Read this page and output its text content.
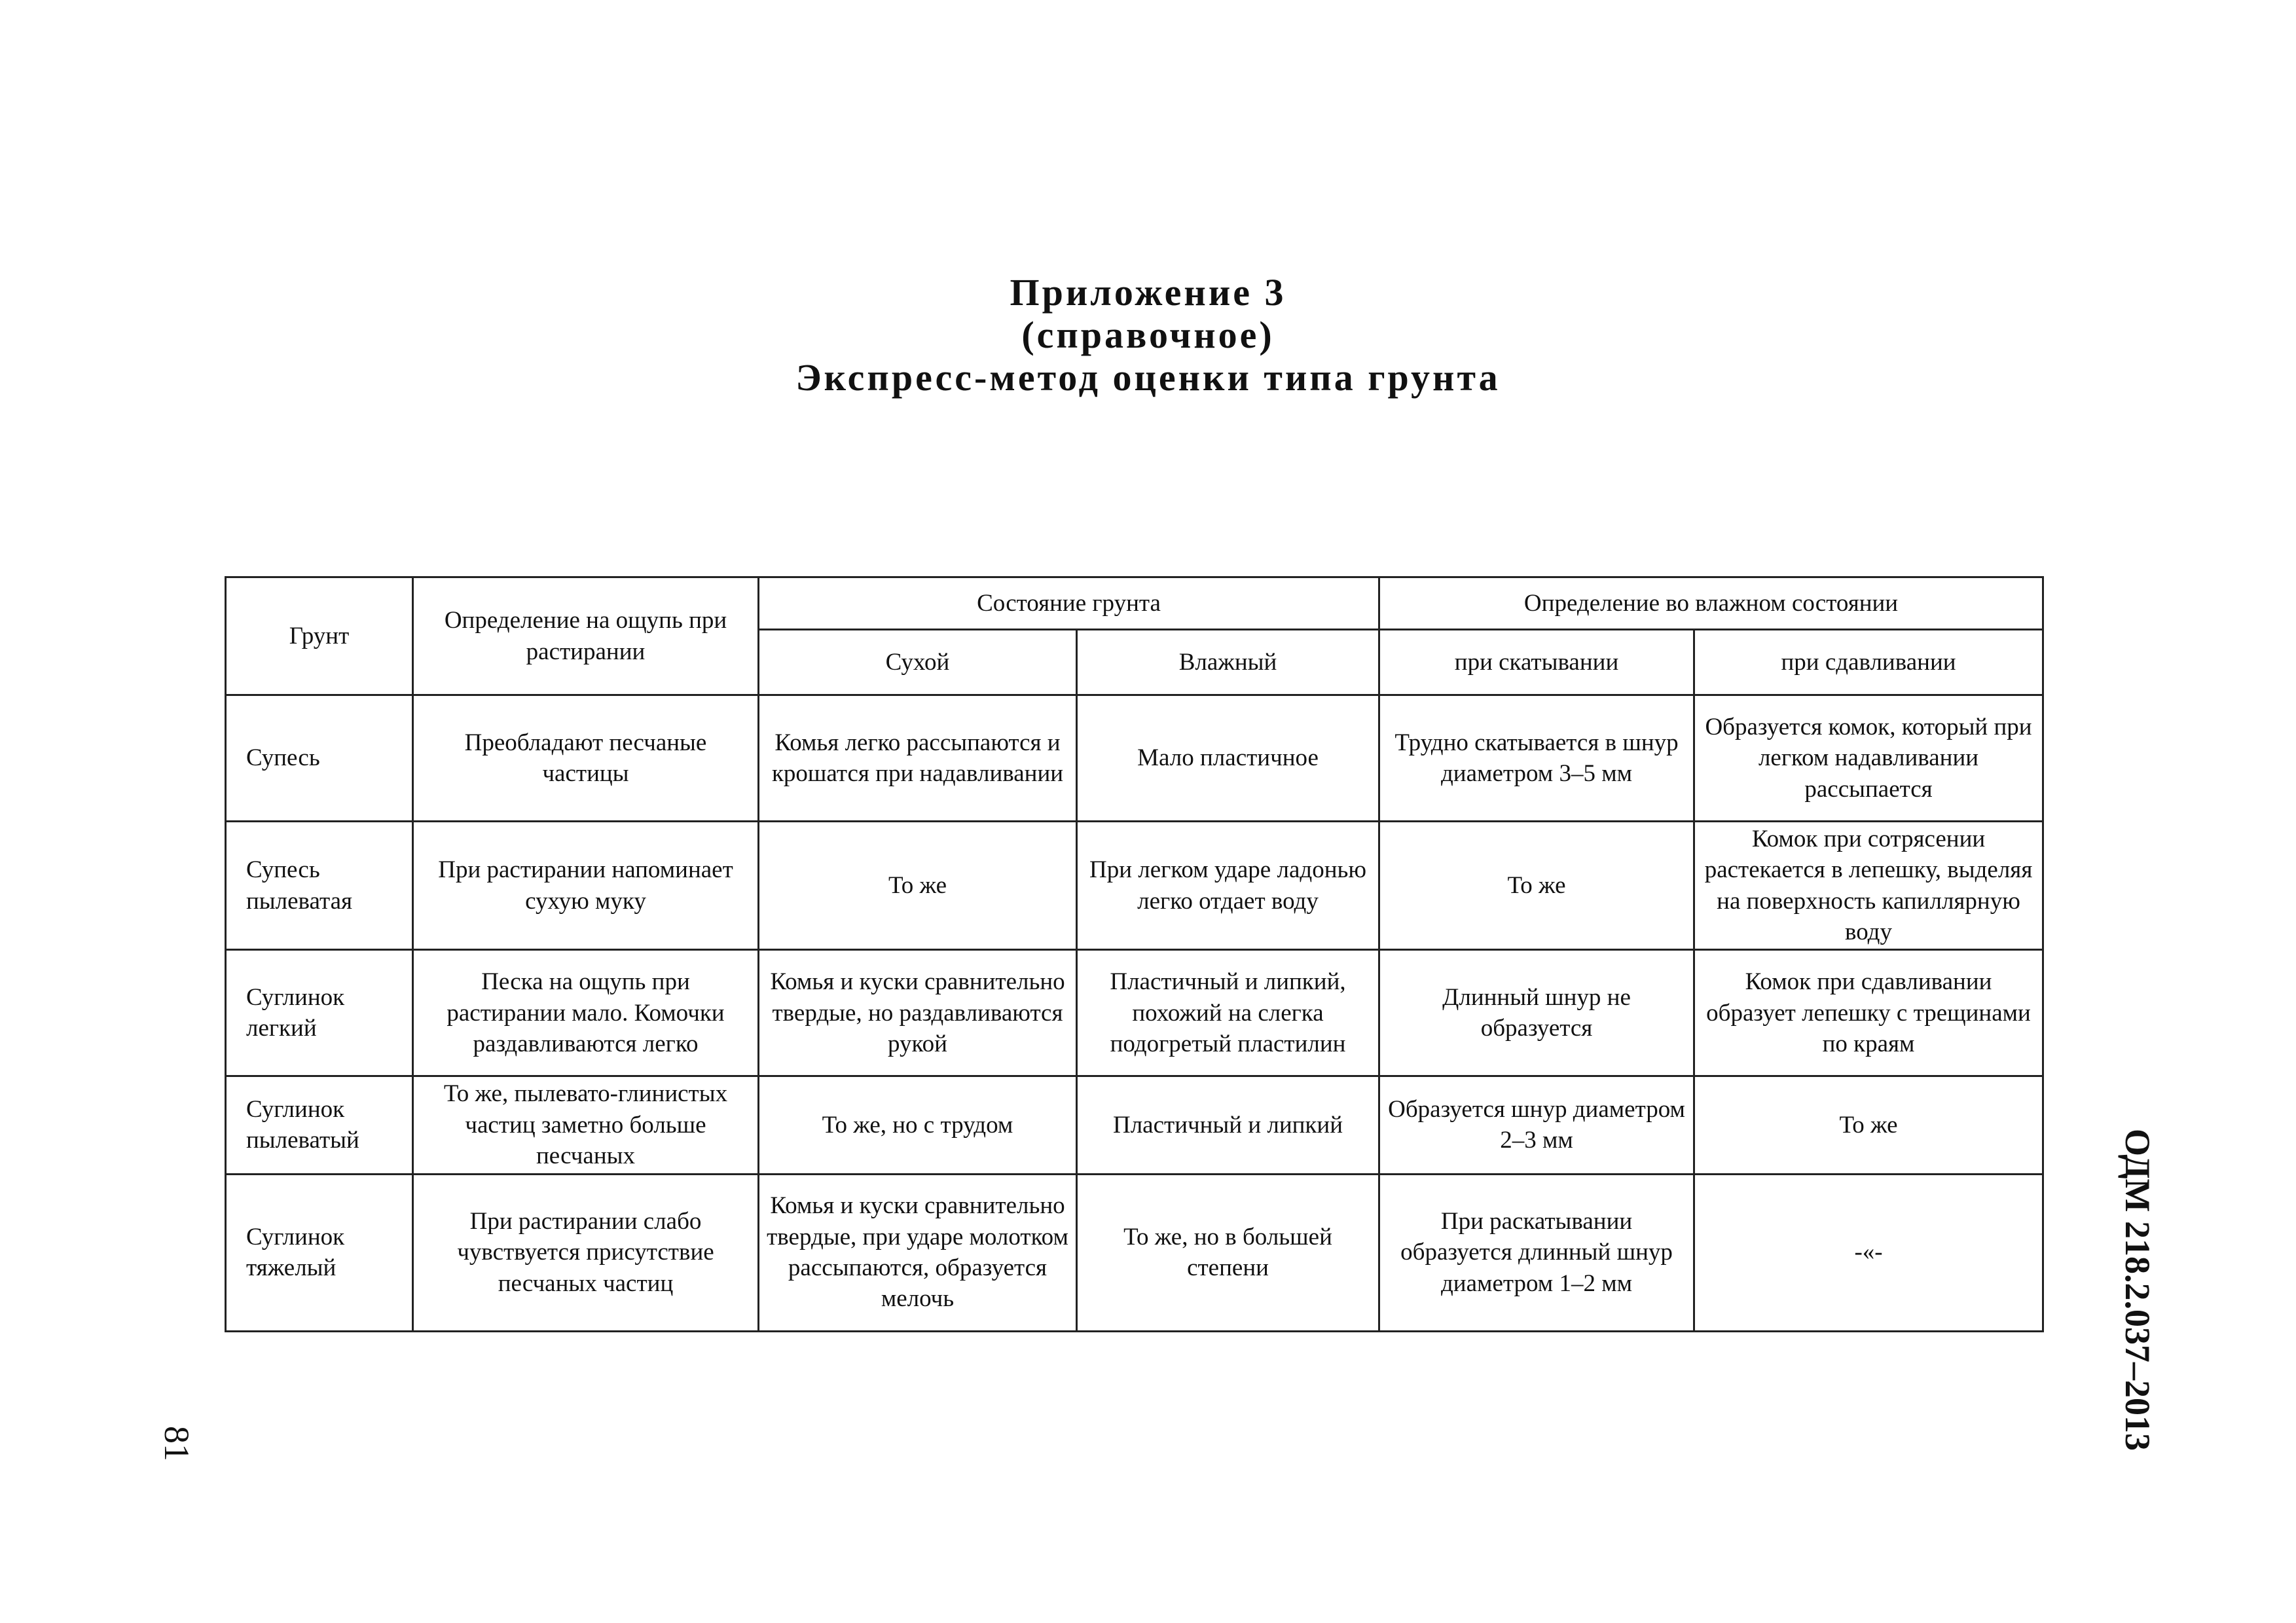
Приложение 3
(справочное)
Экспресс-метод оценки типа грунта
Грунт	Определение на ощупь при растирании	Состояние грунта		Определение во влажном состоянии	
		Сухой	Влажный	при скатывании	при сдавливании
Супесь	Преобладают песчаные частицы	Комья легко рассыпаются и крошатся при надавливании	Мало пластичное	Трудно скатывается в шнур диаметром 3–5 мм	Образуется комок, который при легком надавливании рассыпается
Супесь пылеватая	При растирании напоминает сухую муку	То же	При легком ударе ладонью легко отдает воду	То же	Комок при сотрясении растекается в лепешку, выделяя на поверхность капиллярную воду
Суглинок легкий	Песка на ощупь при растирании мало. Комочки раздавливаются легко	Комья и куски сравнительно твердые, но раздавливаются рукой	Пластичный и липкий, похожий на слегка подогретый пластилин	Длинный шнур не образуется	Комок при сдавливании образует лепешку с трещинами по краям
Суглинок пылеватый	То же, пылевато-глинистых частиц заметно больше песчаных	То же, но с трудом	Пластичный и липкий	Образуется шнур диаметром 2–3 мм	То же
Суглинок тяжелый	При растирании слабо чувствуется присутствие песчаных частиц	Комья и куски сравнительно твердые, при ударе молотком рассыпаются, образуется мелочь	То же, но в большей степени	При раскатывании образуется длинный шнур диаметром 1–2 мм	-«-	ОДМ 218.2.037–2013
81
